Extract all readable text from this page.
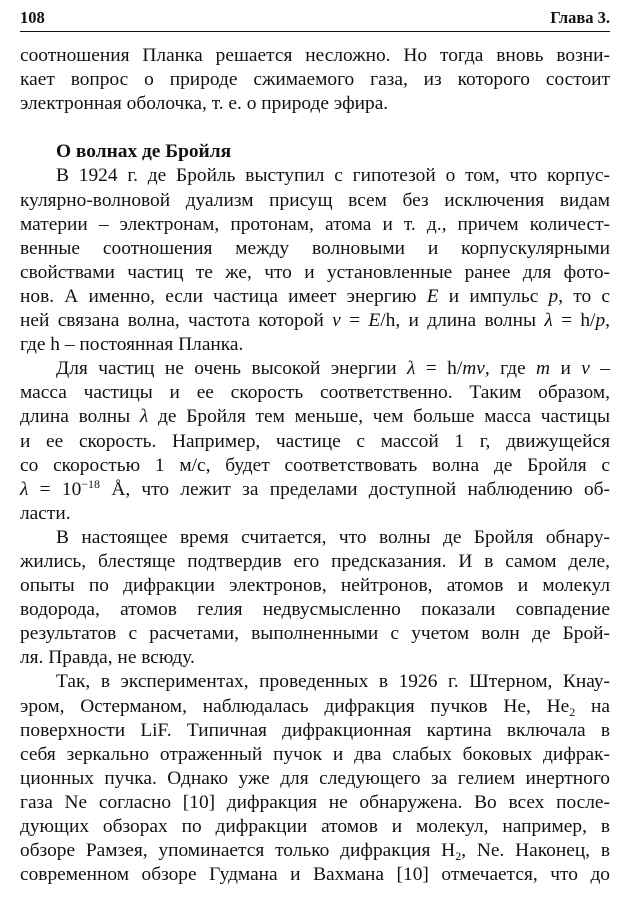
108	Глава 3.
соотношения Планка решается несложно. Но тогда вновь возни-
кает вопрос о природе сжимаемого газа, из которого состоит
электронная оболочка, т. е. о природе эфира.
О волнах де Бройля
В 1924 г. де Бройль выступил с гипотезой о том, что корпус-
кулярно-волновой дуализм присущ всем без исключения видам
материи – электронам, протонам, атома и т. д., причем количест-
венные соотношения между волновыми и корпускулярными
свойствами частиц те же, что и установленные ранее для фото-
нов. А именно, если частица имеет энергию E и импульс p, то с
ней связана волна, частота которой ν = E/h, и длина волны λ = h/p,
где h – постоянная Планка.
Для частиц не очень высокой энергии λ = h/mv, где m и v –
масса частицы и ее скорость соответственно. Таким образом,
длина волны λ де Бройля тем меньше, чем больше масса частицы
и ее скорость. Например, частице с массой 1 г, движущейся
со скоростью 1 м/с, будет соответствовать волна де Бройля с
$\lambda = 10^{-18}$ Å, что лежит за пределами доступной наблюдению об-
ласти.
В настоящее время считается, что волны де Бройля обнару-
жились, блестяще подтвердив его предсказания. И в самом деле,
опыты по дифракции электронов, нейтронов, атомов и молекул
водорода, атомов гелия недвусмысленно показали совпадение
результатов с расчетами, выполненными с учетом волн де Брой-
ля. Правда, не всюду.
Так, в экспериментах, проведенных в 1926 г. Штерном, Кнау-
эром, Остерманом, наблюдалась дифракция пучков He, $He_2$ на
поверхности LiF. Типичная дифракционная картина включала в
себя зеркально отраженный пучок и два слабых боковых дифрак-
ционных пучка. Однако уже для следующего за гелием инертного
газа Ne согласно [10] дифракция не обнаружена. Во всех после-
дующих обзорах по дифракции атомов и молекул, например, в
обзоре Рамзея, упоминается только дифракция $H_2$, Ne. Наконец, в
современном обзоре Гудмана и Вахмана [10] отмечается, что до
